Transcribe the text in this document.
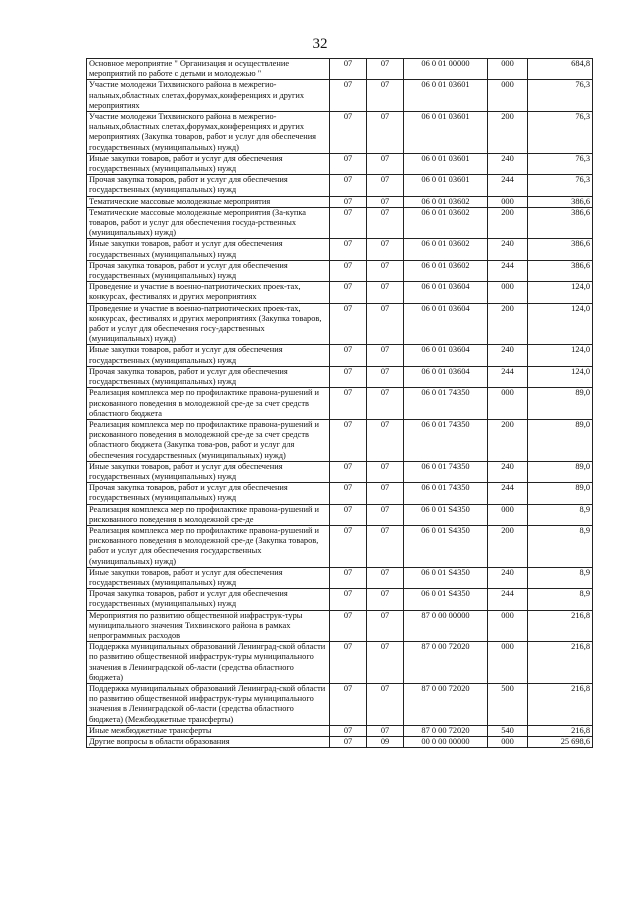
32
Основное мероприятие " Организация и осуществление мероприятий по работе с детьми и молодежью "	07	07	06 0 01 00000	000	684,8
Участие молодежи Тихвинского района в межрегио-нальных,областных слетах,форумах,конференциях и других мероприятиях	07	07	06 0 01 03601	000	76,3
Участие молодежи Тихвинского района в межрегио-нальных,областных слетах,форумах,конференциях и других мероприятиях (Закупка товаров, работ и услуг для обеспечения государственных (муниципальных) нужд)	07	07	06 0 01 03601	200	76,3
Иные закупки товаров, работ и услуг для обеспечения государственных (муниципальных) нужд	07	07	06 0 01 03601	240	76,3
Прочая закупка товаров, работ и услуг для обеспечения государственных (муниципальных) нужд	07	07	06 0 01 03601	244	76,3
Тематические массовые молодежные мероприятия	07	07	06 0 01 03602	000	386,6
Тематические массовые молодежные мероприятия (За-купка товаров, работ и услуг для обеспечения госуда-рственных (муниципальных) нужд)	07	07	06 0 01 03602	200	386,6
Иные закупки товаров, работ и услуг для обеспечения государственных (муниципальных) нужд	07	07	06 0 01 03602	240	386,6
Прочая закупка товаров, работ и услуг для обеспечения государственных (муниципальных) нужд	07	07	06 0 01 03602	244	386,6
Проведение и участие в военно-патриотических проек-тах, конкурсах, фестивалях и других мероприятиях	07	07	06 0 01 03604	000	124,0
Проведение и участие в военно-патриотических проек-тах, конкурсах, фестивалях и других мероприятиях (Закупка товаров, работ и услуг для обеспечения госу-дарственных (муниципальных) нужд)	07	07	06 0 01 03604	200	124,0
Иные закупки товаров, работ и услуг для обеспечения государственных (муниципальных) нужд	07	07	06 0 01 03604	240	124,0
Прочая закупка товаров, работ и услуг для обеспечения государственных (муниципальных) нужд	07	07	06 0 01 03604	244	124,0
Реализация комплекса мер по профилактике правона-рушений и рискованного поведения в молодежной сре-де за счет средств областного бюджета	07	07	06 0 01 74350	000	89,0
Реализация комплекса мер по профилактике правона-рушений и рискованного поведения в молодежной сре-де за счет средств областного бюджета (Закупка това-ров, работ и услуг для обеспечения государственных (муниципальных) нужд)	07	07	06 0 01 74350	200	89,0
Иные закупки товаров, работ и услуг для обеспечения государственных (муниципальных) нужд	07	07	06 0 01 74350	240	89,0
Прочая закупка товаров, работ и услуг для обеспечения государственных (муниципальных) нужд	07	07	06 0 01 74350	244	89,0
Реализация комплекса мер по профилактике правона-рушений и рискованного поведения в молодежной сре-де	07	07	06 0 01 S4350	000	8,9
Реализация комплекса мер по профилактике правона-рушений и рискованного поведения в молодежной сре-де (Закупка товаров, работ и услуг для обеспечения государственных (муниципальных) нужд)	07	07	06 0 01 S4350	200	8,9
Иные закупки товаров, работ и услуг для обеспечения государственных (муниципальных) нужд	07	07	06 0 01 S4350	240	8,9
Прочая закупка товаров, работ и услуг для обеспечения государственных (муниципальных) нужд	07	07	06 0 01 S4350	244	8,9
Мероприятия по развитию общественной инфраструк-туры муниципального значения Тихвинского района в рамках непрограммных расходов	07	07	87 0 00 00000	000	216,8
Поддержка муниципальных образований Ленинград-ской области по развитию общественной инфраструк-туры муниципального значения в Ленинградской об-ласти (средства областного бюджета)	07	07	87 0 00 72020	000	216,8
Поддержка муниципальных образований Ленинград-ской области по развитию общественной инфраструк-туры муниципального значения в Ленинградской об-ласти (средства областного бюджета) (Межбюджетные трансферты)	07	07	87 0 00 72020	500	216,8
Иные межбюджетные трансферты	07	07	87 0 00 72020	540	216,8
Другие вопросы в области образования	07	09	00 0 00 00000	000	25 698,6
